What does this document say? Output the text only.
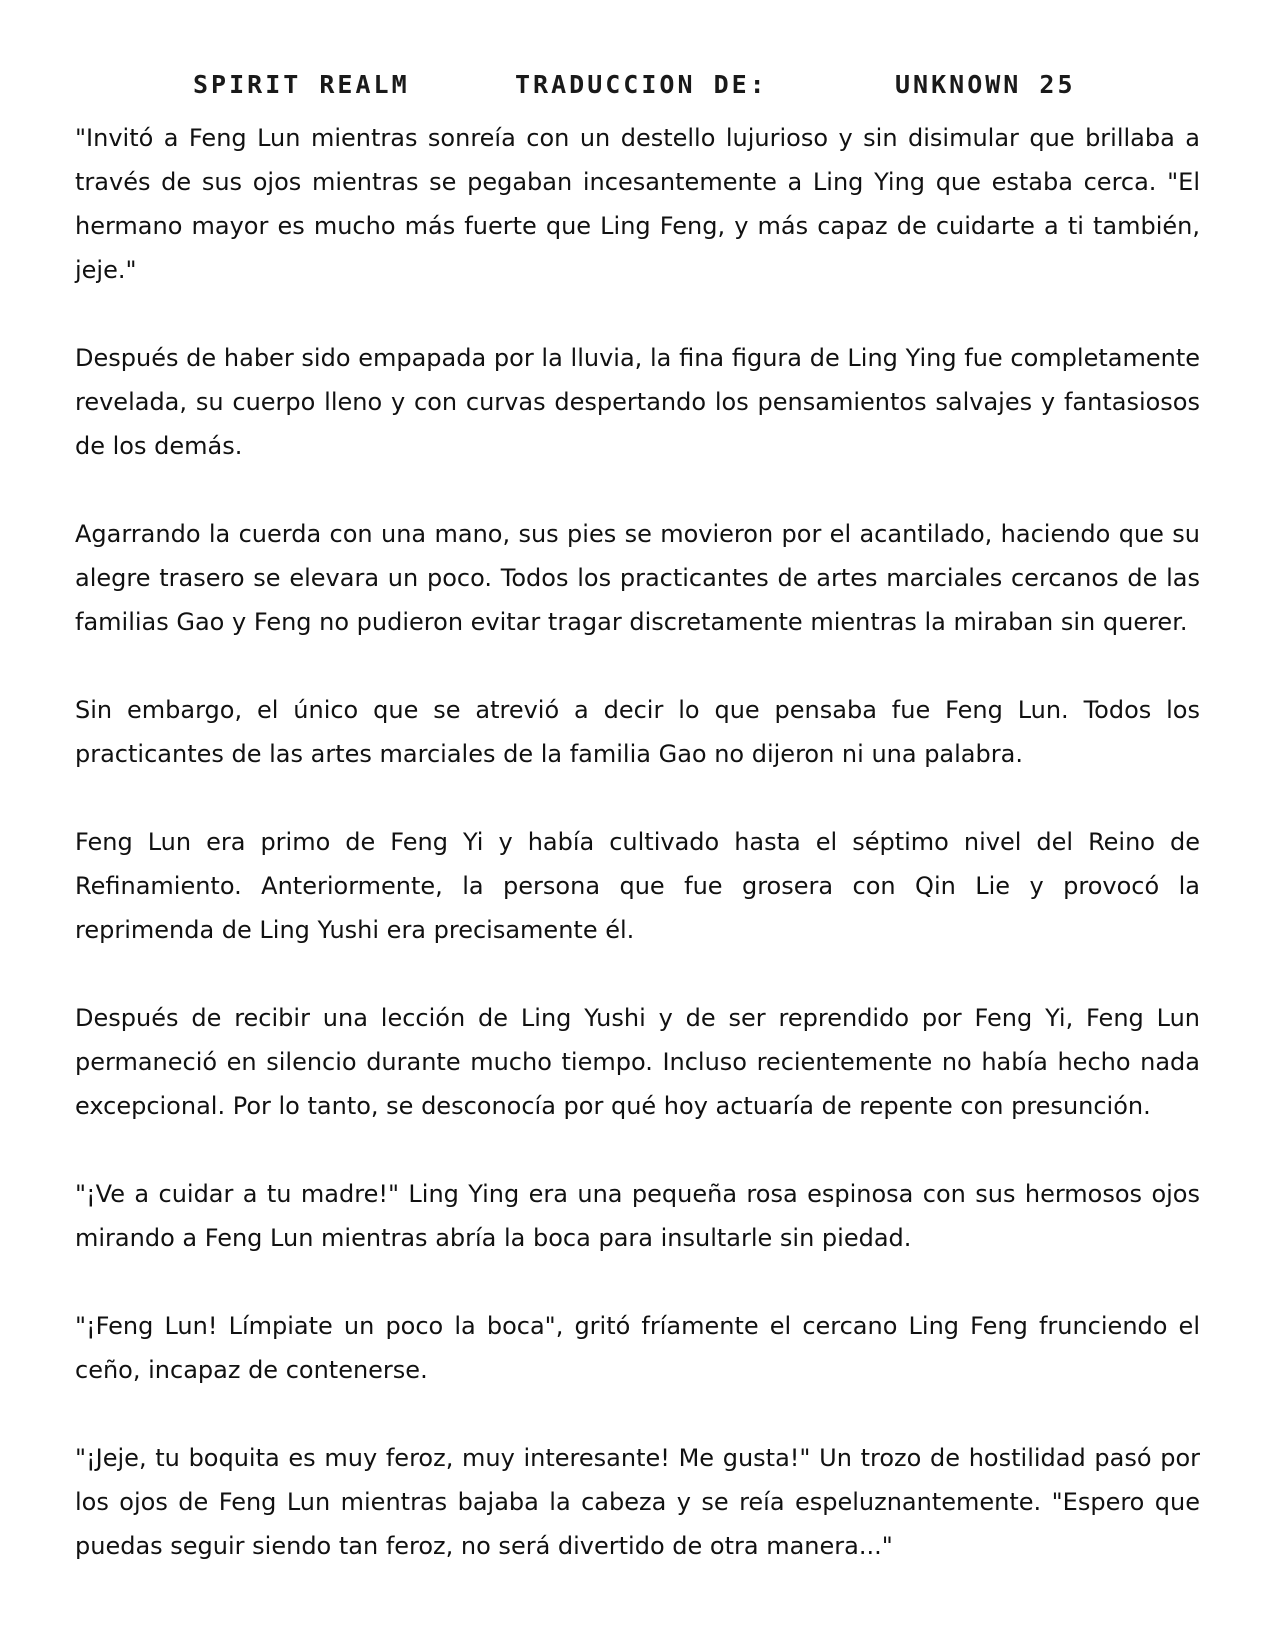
SPIRIT REALM	TRADUCCION DE:	UNKNOWN 25

"Invitó a Feng Lun mientras sonreía con un destello lujurioso y sin disimular que brillaba a través de sus ojos mientras se pegaban incesantemente a Ling Ying que estaba cerca. "El hermano mayor es mucho más fuerte que Ling Feng, y más capaz de cuidarte a ti también, jeje."

Después de haber sido empapada por la lluvia, la fina figura de Ling Ying fue completamente revelada, su cuerpo lleno y con curvas despertando los pensamientos salvajes y fantasiosos de los demás.

Agarrando la cuerda con una mano, sus pies se movieron por el acantilado, haciendo que su alegre trasero se elevara un poco. Todos los practicantes de artes marciales cercanos de las familias Gao y Feng no pudieron evitar tragar discretamente mientras la miraban sin querer.

Sin embargo, el único que se atrevió a decir lo que pensaba fue Feng Lun. Todos los practicantes de las artes marciales de la familia Gao no dijeron ni una palabra.

Feng Lun era primo de Feng Yi y había cultivado hasta el séptimo nivel del Reino de Refinamiento. Anteriormente, la persona que fue grosera con Qin Lie y provocó la reprimenda de Ling Yushi era precisamente él.

Después de recibir una lección de Ling Yushi y de ser reprendido por Feng Yi, Feng Lun permaneció en silencio durante mucho tiempo. Incluso recientemente no había hecho nada excepcional. Por lo tanto, se desconocía por qué hoy actuaría de repente con presunción.

"¡Ve a cuidar a tu madre!" Ling Ying era una pequeña rosa espinosa con sus hermosos ojos mirando a Feng Lun mientras abría la boca para insultarle sin piedad.

"¡Feng Lun! Límpiate un poco la boca", gritó fríamente el cercano Ling Feng frunciendo el ceño, incapaz de contenerse.

"¡Jeje, tu boquita es muy feroz, muy interesante! Me gusta!" Un trozo de hostilidad pasó por los ojos de Feng Lun mientras bajaba la cabeza y se reía espeluznantemente. "Espero que puedas seguir siendo tan feroz, no será divertido de otra manera..."
